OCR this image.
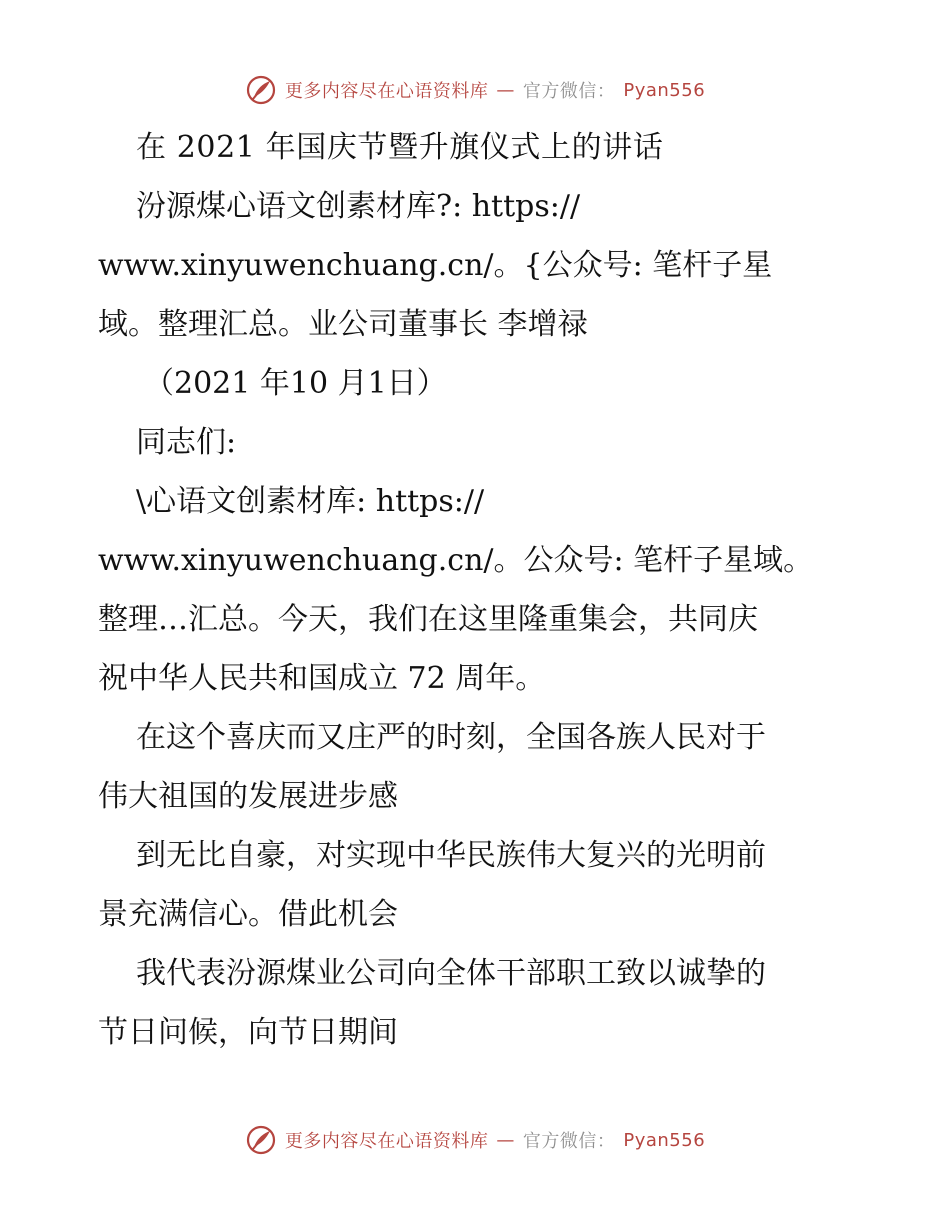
更多内容尽在心语资料库 — 官方微信： Pyan556
在 2021 年国庆节暨升旗仪式上的讲话
汾源煤心语文创素材库?: https://
www.xinyuwenchuang.cn/。{公众号: 笔杆子星
域。整理汇总。业公司董事长 李增禄
（2021 年10 月1日）
同志们:
\心语文创素材库: https://
www.xinyuwenchuang.cn/。公众号: 笔杆子星域。
整理…汇总。今天，我们在这里隆重集会，共同庆
祝中华人民共和国成立 72 周年。
在这个喜庆而又庄严的时刻，全国各族人民对于
伟大祖国的发展进步感
到无比自豪，对实现中华民族伟大复兴的光明前
景充满信心。借此机会
我代表汾源煤业公司向全体干部职工致以诚挚的
节日问候，向节日期间
更多内容尽在心语资料库 — 官方微信： Pyan556
